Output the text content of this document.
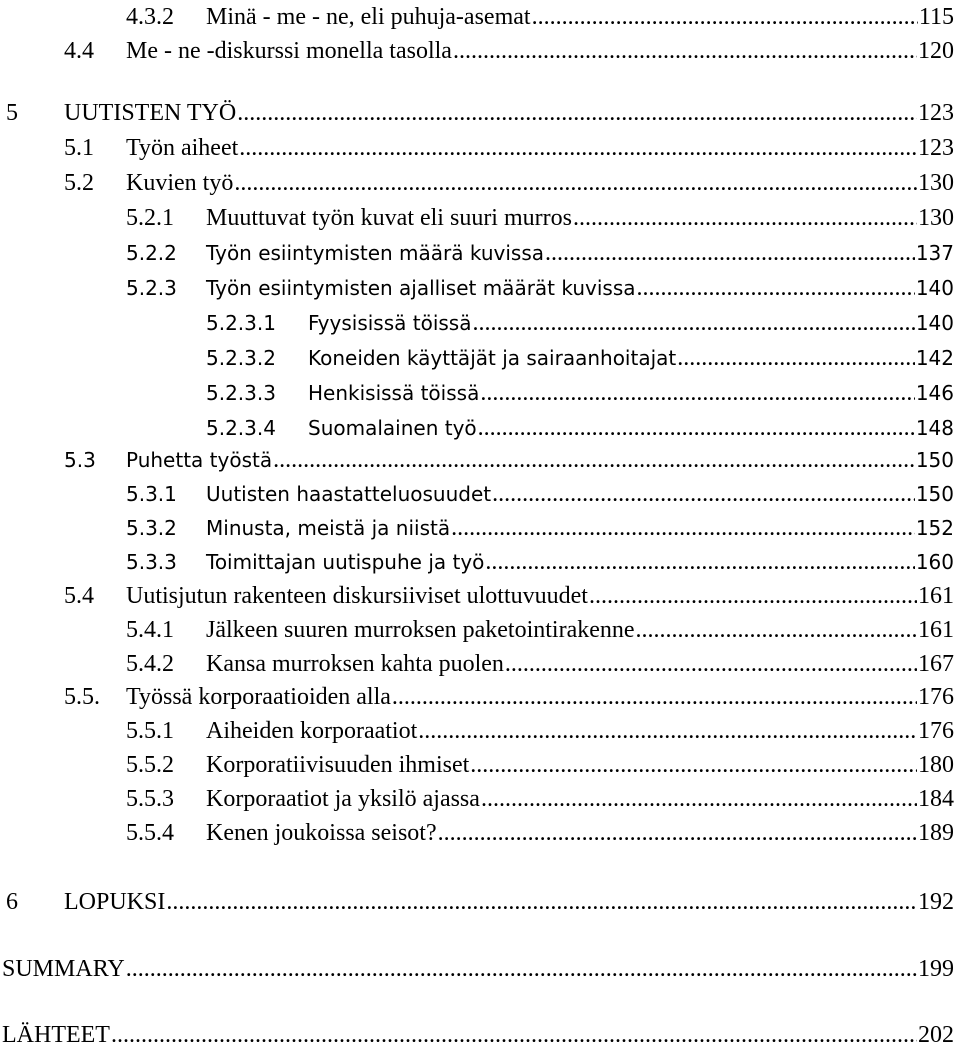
4.3.2	Minä - me - ne, eli puhuja-asemat .....	115
4.4	Me - ne -diskurssi monella tasolla .....	120
5	UUTISTEN TYÖ .....	123
5.1	Työn aiheet .....	123
5.2	Kuvien työ .....	130
5.2.1	Muuttuvat työn kuvat eli suuri murros .....	130
5.2.2	Työn esiintymisten määrä kuvissa .....	137
5.2.3	Työn esiintymisten ajalliset määrät kuvissa .....	140
5.2.3.1	Fyysisissä töissä .....	140
5.2.3.2	Koneiden käyttäjät ja sairaanhoitajat .....	142
5.2.3.3	Henkisissä töissä .....	146
5.2.3.4	Suomalainen työ .....	148
5.3	Puhetta työstä .....	150
5.3.1	Uutisten haastatteluosuudet .....	150
5.3.2	Minusta, meistä ja niistä .....	152
5.3.3	Toimittajan uutispuhe ja työ .....	160
5.4	Uutisjutun rakenteen diskursiiviset ulottuvuudet .....	161
5.4.1	Jälkeen suuren murroksen paketointirakenne .....	161
5.4.2	Kansa murroksen kahta puolen .....	167
5.5.	Työssä korporaatioiden alla .....	176
5.5.1	Aiheiden korporaatiot .....	176
5.5.2	Korporatiivisuuden ihmiset .....	180
5.5.3	Korporaatiot ja yksilö ajassa .....	184
5.5.4	Kenen joukoissa seisot? .....	189
6	LOPUKSI .....	192
SUMMARY .....	199
LÄHTEET .....	202
